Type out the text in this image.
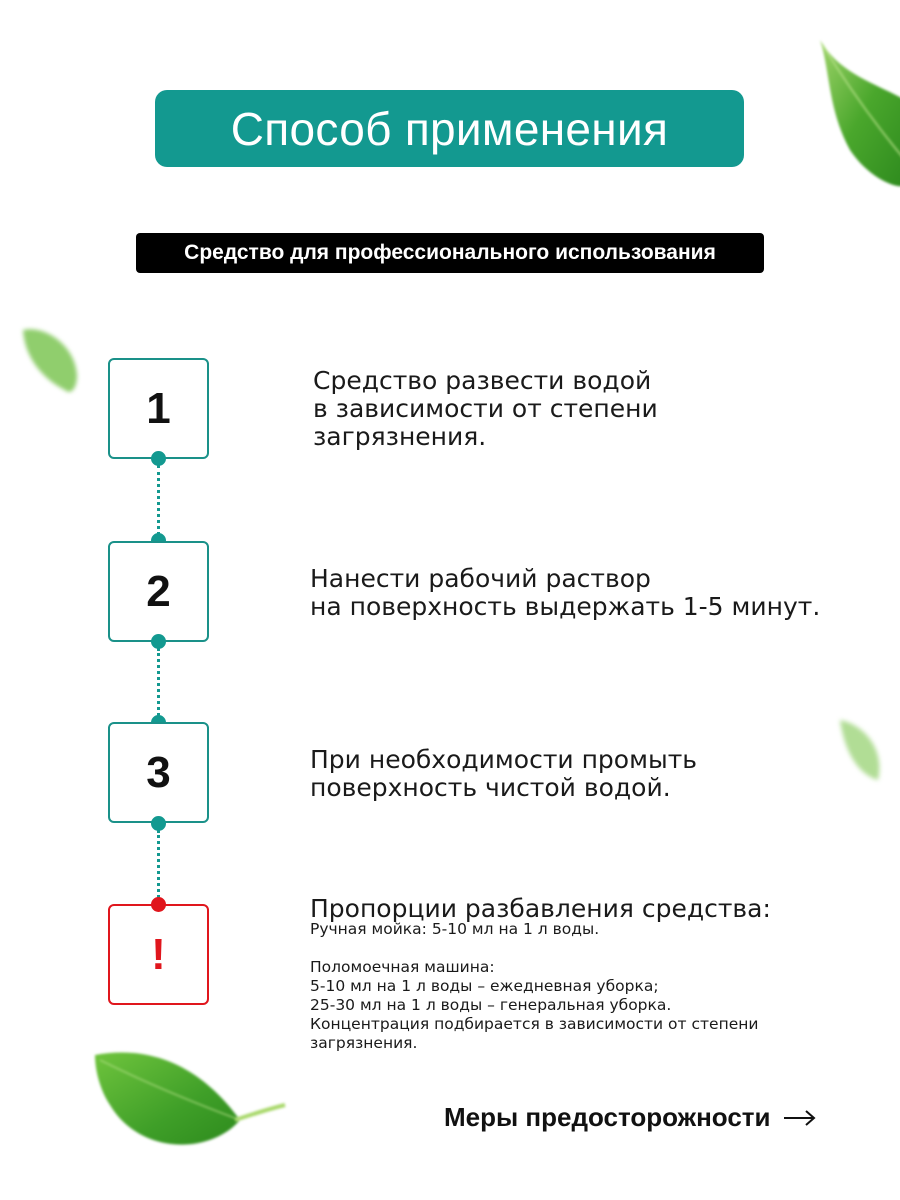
Способ применения
Средство для профессионального использования
1
Средство развести водой
в зависимости от степени
загрязнения.
2	Нанести рабочий раствор
на поверхность выдержать 1-5 минут.
3	При необходимости промыть
поверхность чистой водой.
!
Пропорции разбавления средства:
Ручная мойка: 5-10 мл на 1 л воды.
Поломоечная машина:
5-10 мл на 1 л воды – ежедневная уборка;
25-30 мл на 1 л воды – генеральная уборка.
Концентрация подбирается в зависимости от степени
загрязнения.
Меры предосторожности
